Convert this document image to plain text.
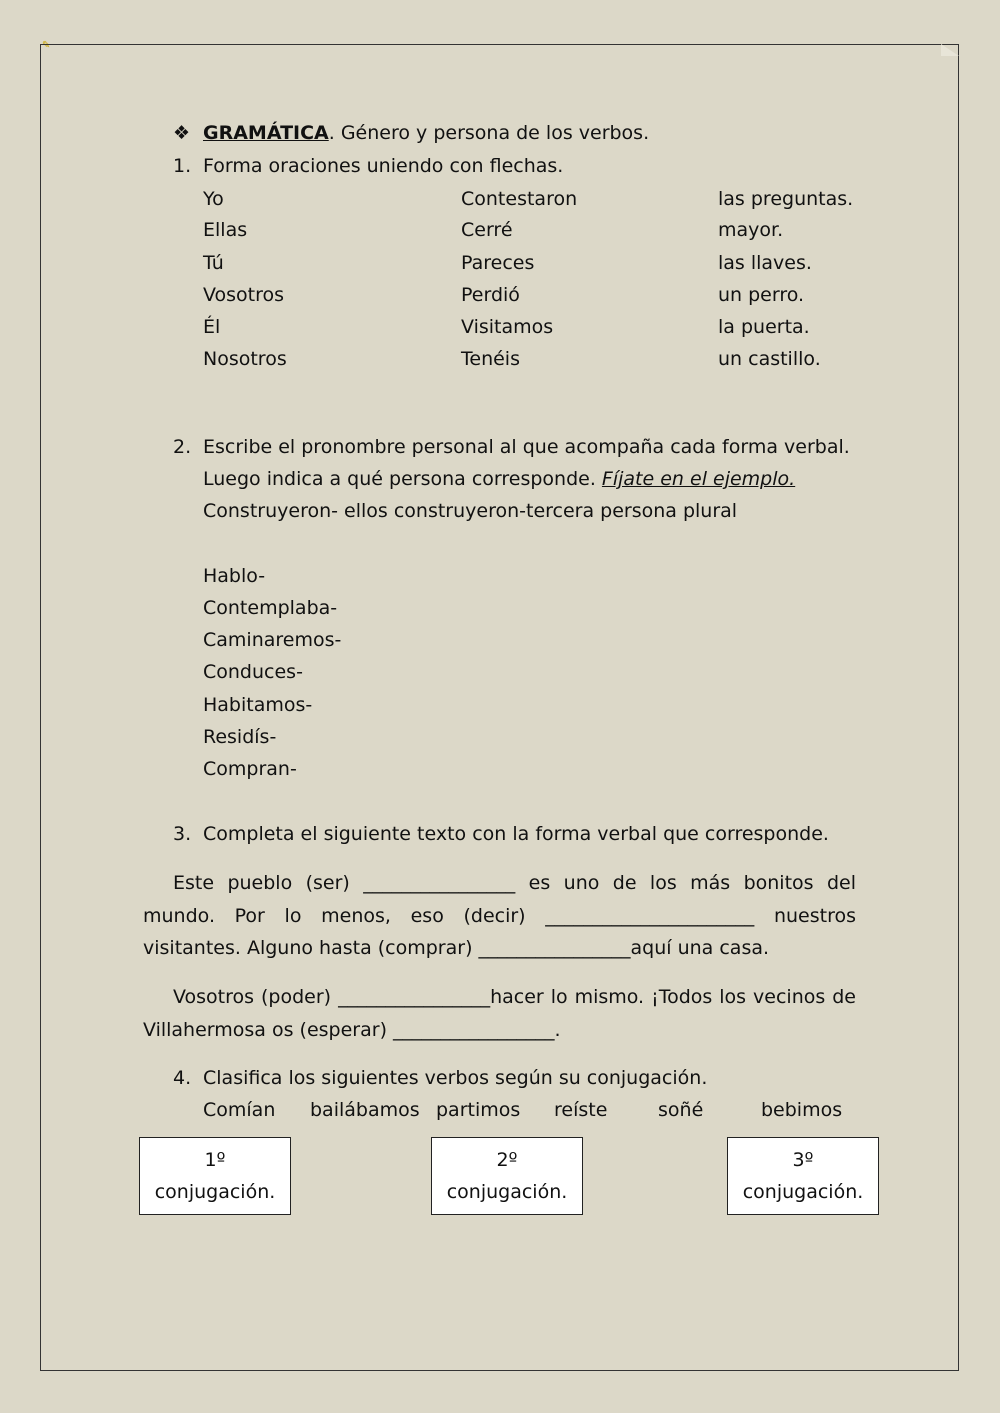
✎
❖ GRAMÁTICA. Género y persona de los verbos.
1. Forma oraciones uniendo con flechas.
Yo
Ellas
Tú
Vosotros
Él
Nosotros
Contestaron
Cerré
Pareces
Perdió
Visitamos
Tenéis
las preguntas.
mayor.
las llaves.
un perro.
la puerta.
un castillo.
2. Escribe el pronombre personal al que acompaña cada forma verbal.
Luego indica a qué persona corresponde. Fíjate en el ejemplo.
Construyeron- ellos construyeron-tercera persona plural
Hablo-
Contemplaba-
Caminaremos-
Conduces-
Habitamos-
Residís-
Compran-
3. Completa el siguiente texto con la forma verbal que corresponde.
Este pueblo (ser) ________________ es uno de los más bonitos del mundo. Por lo menos, eso (decir) ______________________ nuestros visitantes. Alguno hasta (comprar) ________________aquí una casa.
Vosotros (poder) ________________hacer lo mismo. ¡Todos los vecinos de Villahermosa os (esperar) _________________.
4. Clasifica los siguientes verbos según su conjugación.
Comían bailábamos partimos reíste	soñé	bebimos
1º
conjugación.
2º
conjugación.
3º
conjugación.
